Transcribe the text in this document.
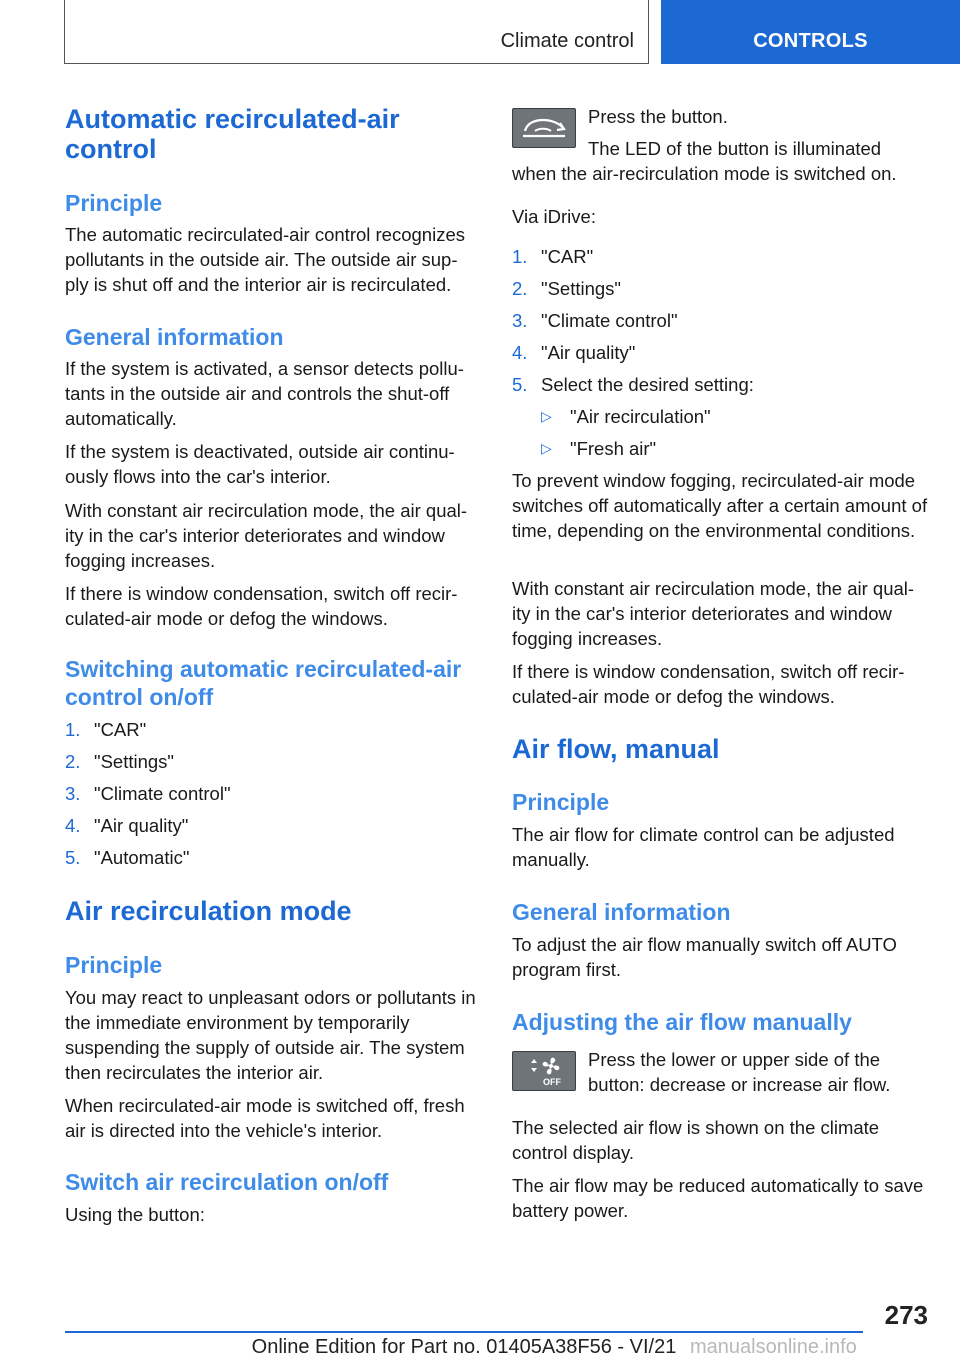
Climate control	CONTROLS
Automatic recirculated-air control
Principle

The automatic recirculated-air control recognizes pollutants in the outside air. The outside air sup-ply is shut off and the interior air is recirculated.

General information

If the system is activated, a sensor detects pollu-tants in the outside air and controls the shut-off automatically.

If the system is deactivated, outside air continu-ously flows into the car's interior.

With constant air recirculation mode, the air qual-ity in the car's interior deteriorates and window fogging increases.

If there is window condensation, switch off recir-culated-air mode or defog the windows.

Switching automatic recirculated-air control on/off
1. "CAR"
2. "Settings"
3. "Climate control"
4. "Air quality"
5. "Automatic"
Air recirculation mode
Principle

You may react to unpleasant odors or pollutants in the immediate environment by temporarily suspending the supply of outside air. The system then recirculates the interior air.

When recirculated-air mode is switched off, fresh air is directed into the vehicle's interior.

Switch air recirculation on/off

Using the button:

Press the button.

The LED of the button is illuminated when the air-recirculation mode is switched on.

Via iDrive:

1. "CAR"
2. "Settings"
3. "Climate control"
4. "Air quality"
5. Select the desired setting:
▷ "Air recirculation"
▷ "Fresh air"

To prevent window fogging, recirculated-air mode switches off automatically after a certain amount of time, depending on the environmental conditions.

With constant air recirculation mode, the air qual-ity in the car's interior deteriorates and window fogging increases.

If there is window condensation, switch off recir-culated-air mode or defog the windows.

Air flow, manual
Principle

The air flow for climate control can be adjusted manually.

General information

To adjust the air flow manually switch off AUTO program first.

Adjusting the air flow manually
OFF

Press the lower or upper side of the button: decrease or increase air flow.

The selected air flow is shown on the climate control display.

The air flow may be reduced automatically to save battery power.

273
Online Edition for Part no. 01405A38F56 - VI/21 manualsonline.info
